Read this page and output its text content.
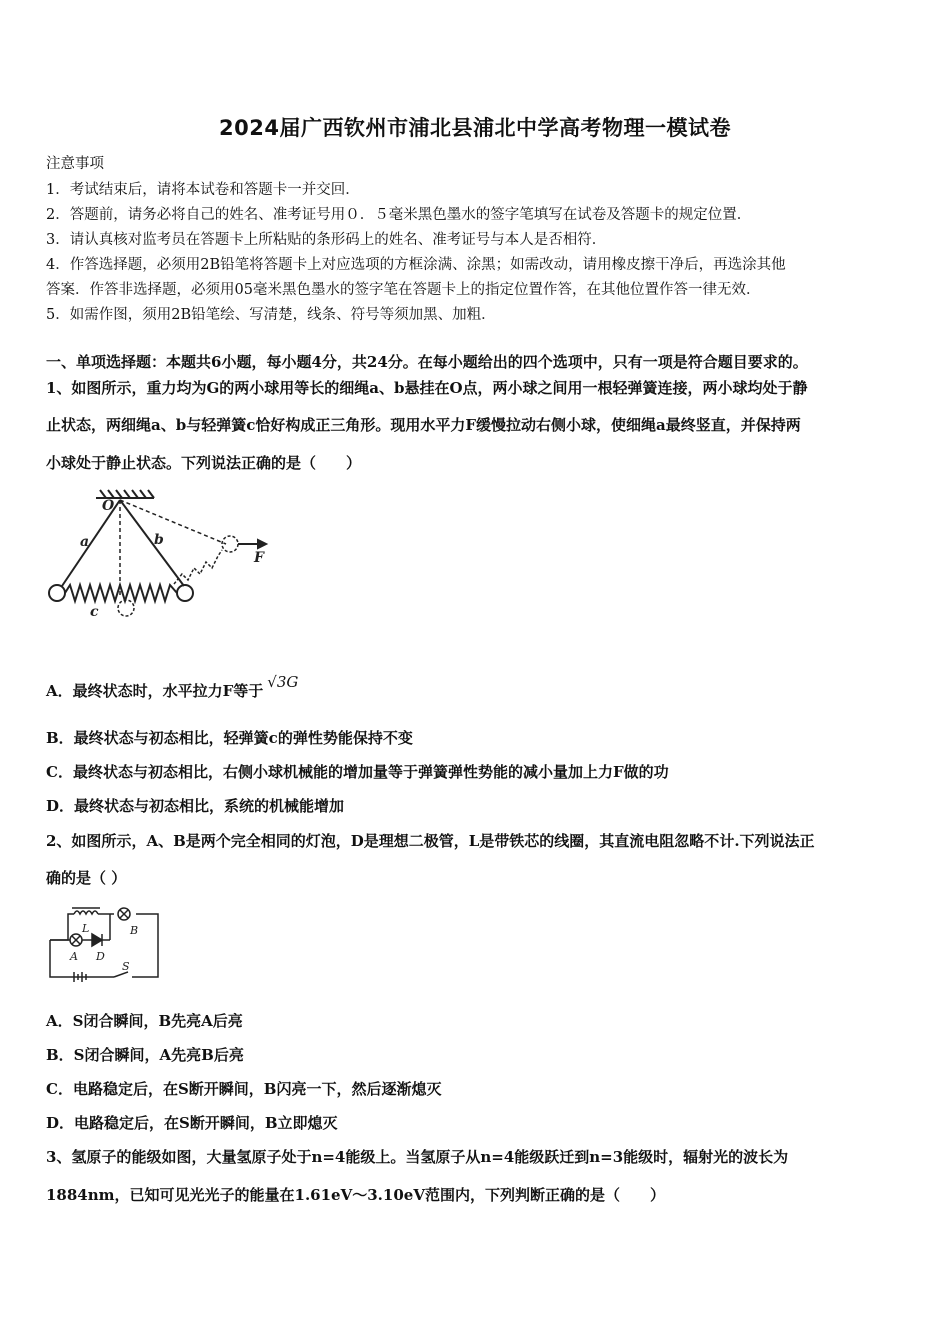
2024届广西钦州市浦北县浦北中学高考物理一模试卷
注意事项
1．考试结束后，请将本试卷和答题卡一并交回．
2．答题前，请务必将自己的姓名、准考证号用０．５毫米黑色墨水的签字笔填写在试卷及答题卡的规定位置．
3．请认真核对监考员在答题卡上所粘贴的条形码上的姓名、准考证号与本人是否相符．
4．作答选择题，必须用2B铅笔将答题卡上对应选项的方框涂满、涂黑；如需改动，请用橡皮擦干净后，再选涂其他
答案．作答非选择题，必须用05毫米黑色墨水的签字笔在答题卡上的指定位置作答，在其他位置作答一律无效．
5．如需作图，须用2B铅笔绘、写清楚，线条、符号等须加黑、加粗．
一、单项选择题：本题共6小题，每小题4分，共24分。在每小题给出的四个选项中，只有一项是符合题目要求的。
1、如图所示，重力均为G的两小球用等长的细绳a、b悬挂在O点，两小球之间用一根轻弹簧连接，两小球均处于静
止状态，两细绳a、b与轻弹簧c恰好构成正三角形。现用水平力F缓慢拉动右侧小球，使细绳a最终竖直，并保持两
小球处于静止状态。下列说法正确的是（　　）
O
a	b
c
F
A．最终状态时，水平拉力F等于 √3G
B．最终状态与初态相比，轻弹簧c的弹性势能保持不变
C．最终状态与初态相比，右侧小球机械能的增加量等于弹簧弹性势能的减小量加上力F做的功
D．最终状态与初态相比，系统的机械能增加
2、如图所示，A、B是两个完全相同的灯泡，D是理想二极管，L是带铁芯的线圈，其直流电阻忽略不计.下列说法正
确的是（ ）
L	B
A D
S
A．S闭合瞬间，B先亮A后亮
B．S闭合瞬间，A先亮B后亮
C．电路稳定后，在S断开瞬间，B闪亮一下，然后逐渐熄灭
D．电路稳定后，在S断开瞬间，B立即熄灭
3、氢原子的能级如图，大量氢原子处于n=4能级上。当氢原子从n=4能级跃迁到n=3能级时，辐射光的波长为
1884nm，已知可见光光子的能量在1.61eV～3.10eV范围内，下列判断正确的是（　　）
